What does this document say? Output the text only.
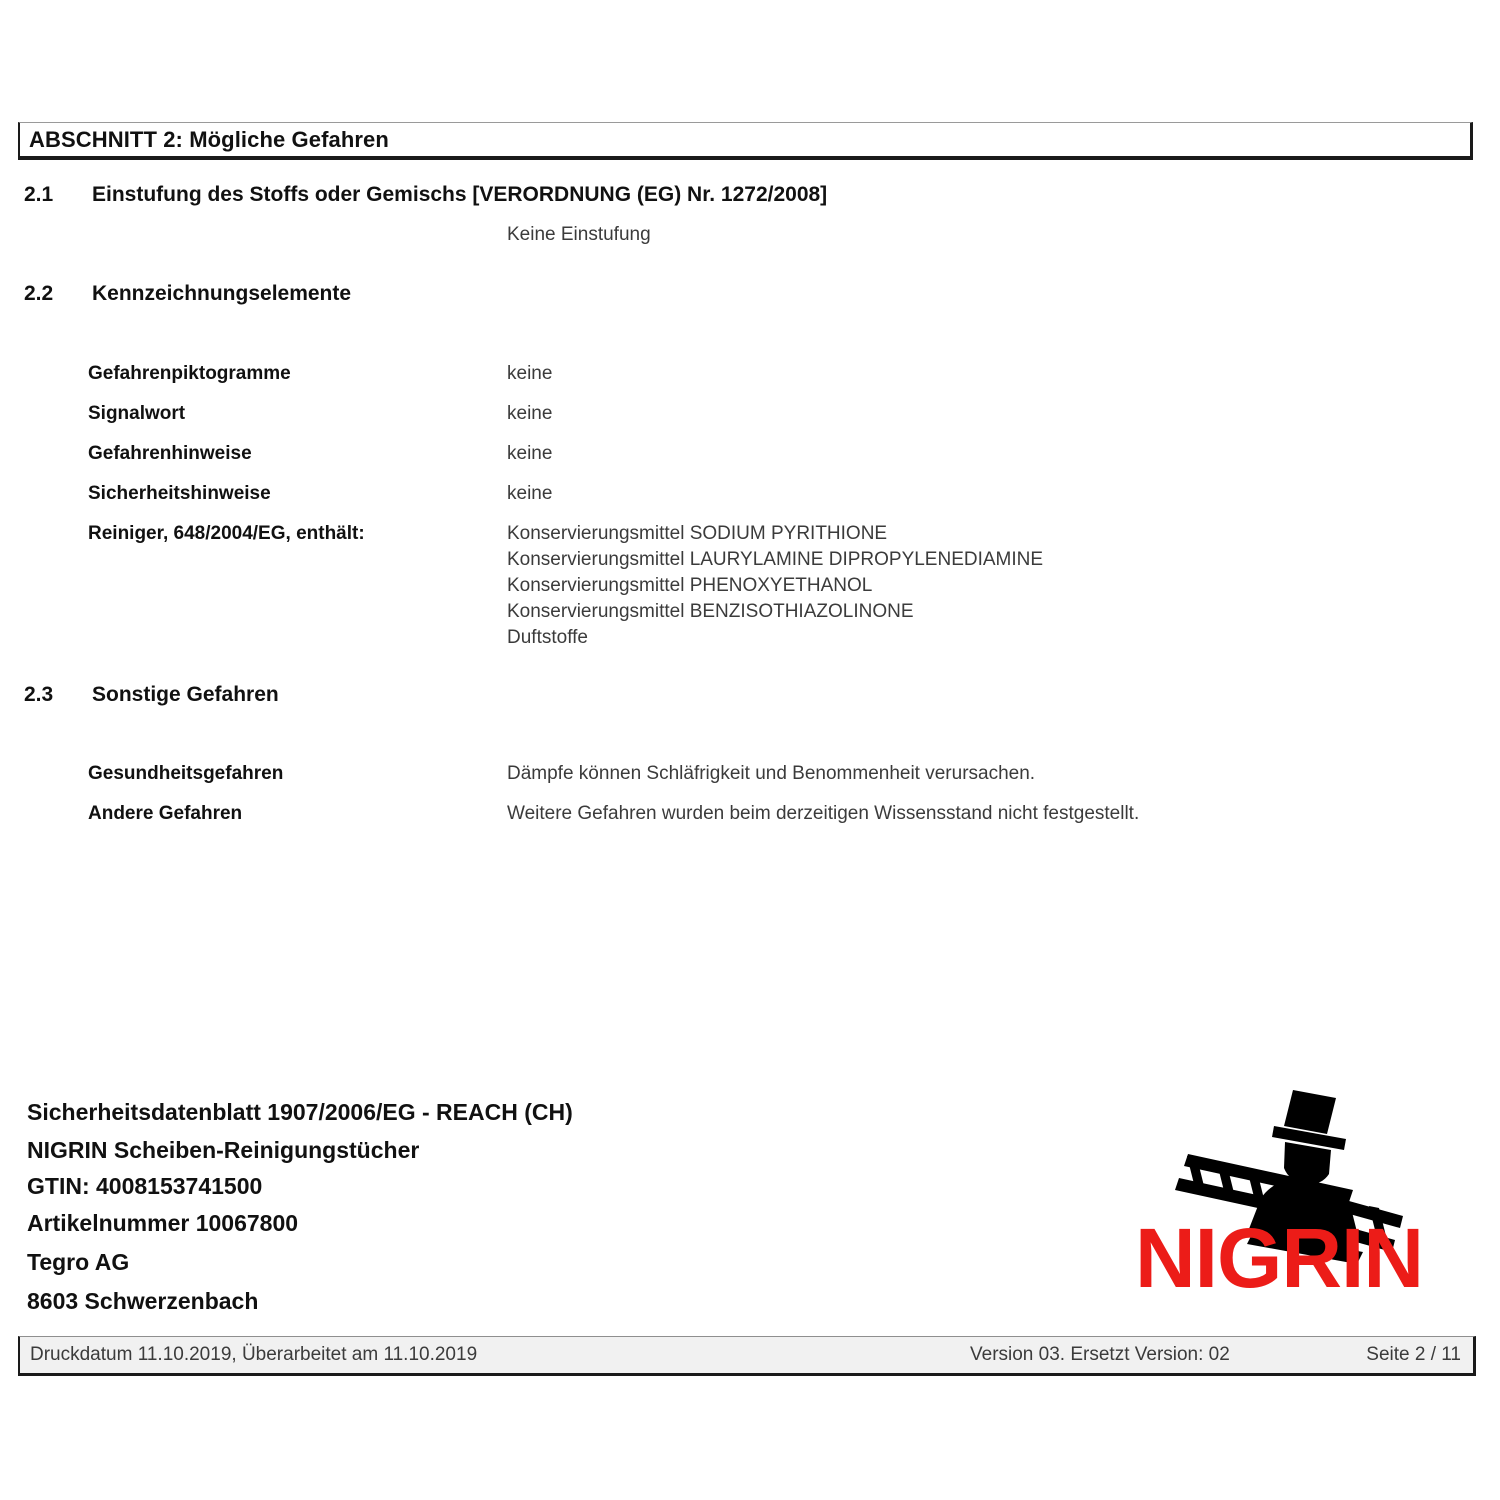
ABSCHNITT 2: Mögliche Gefahren
2.1	Einstufung des Stoffs oder Gemischs [VERORDNUNG (EG) Nr. 1272/2008]
Keine Einstufung
2.2	Kennzeichnungselemente
Gefahrenpiktogramme	keine
Signalwort	keine
Gefahrenhinweise	keine
Sicherheitshinweise	keine
Reiniger, 648/2004/EG, enthält:	Konservierungsmittel SODIUM PYRITHIONE
Konservierungsmittel LAURYLAMINE DIPROPYLENEDIAMINE
Konservierungsmittel PHENOXYETHANOL
Konservierungsmittel BENZISOTHIAZOLINONE
Duftstoffe
2.3	Sonstige Gefahren
Gesundheitsgefahren	Dämpfe können Schläfrigkeit und Benommenheit verursachen.
Andere Gefahren	Weitere Gefahren wurden beim derzeitigen Wissensstand nicht festgestellt.
Sicherheitsdatenblatt 1907/2006/EG - REACH (CH)
NIGRIN Scheiben-Reinigungstücher
GTIN: 4008153741500
Artikelnummer 10067800
Tegro AG
8603 Schwerzenbach	NIGRIN
Druckdatum 11.10.2019, Überarbeitet am 11.10.2019	Version 03. Ersetzt Version: 02	Seite 2 / 11
